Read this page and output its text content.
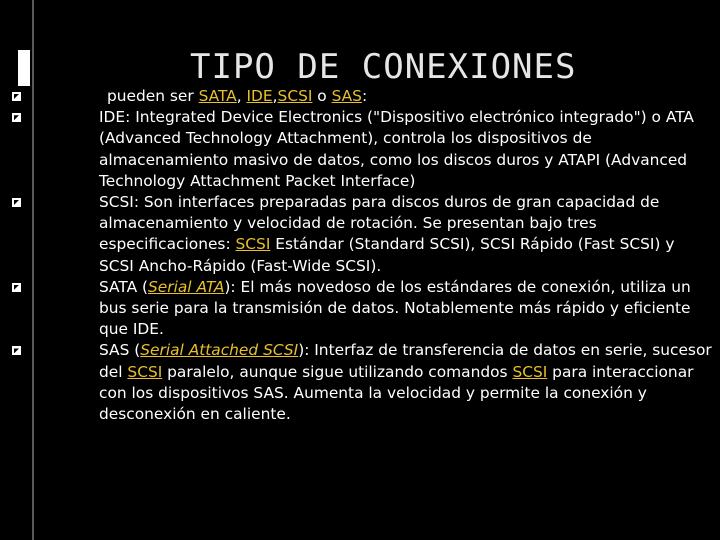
TIPO DE CONEXIONES
pueden ser SATA, IDE,SCSI o SAS:
IDE: Integrated Device Electronics ("Dispositivo electrónico integrado") o ATA (Advanced Technology Attachment), controla los dispositivos de almacenamiento masivo de datos, como los discos duros y ATAPI (Advanced Technology Attachment Packet Interface)
SCSI: Son interfaces preparadas para discos duros de gran capacidad de almacenamiento y velocidad de rotación. Se presentan bajo tres especificaciones: SCSI Estándar (Standard SCSI), SCSI Rápido (Fast SCSI) y SCSI Ancho-Rápido (Fast-Wide SCSI).
SATA (Serial ATA): El más novedoso de los estándares de conexión, utiliza un bus serie para la transmisión de datos. Notablemente más rápido y eficiente que IDE.
SAS (Serial Attached SCSI): Interfaz de transferencia de datos en serie, sucesor del SCSI paralelo, aunque sigue utilizando comandos SCSI para interaccionar con los dispositivos SAS. Aumenta la velocidad y permite la conexión y desconexión en caliente.
